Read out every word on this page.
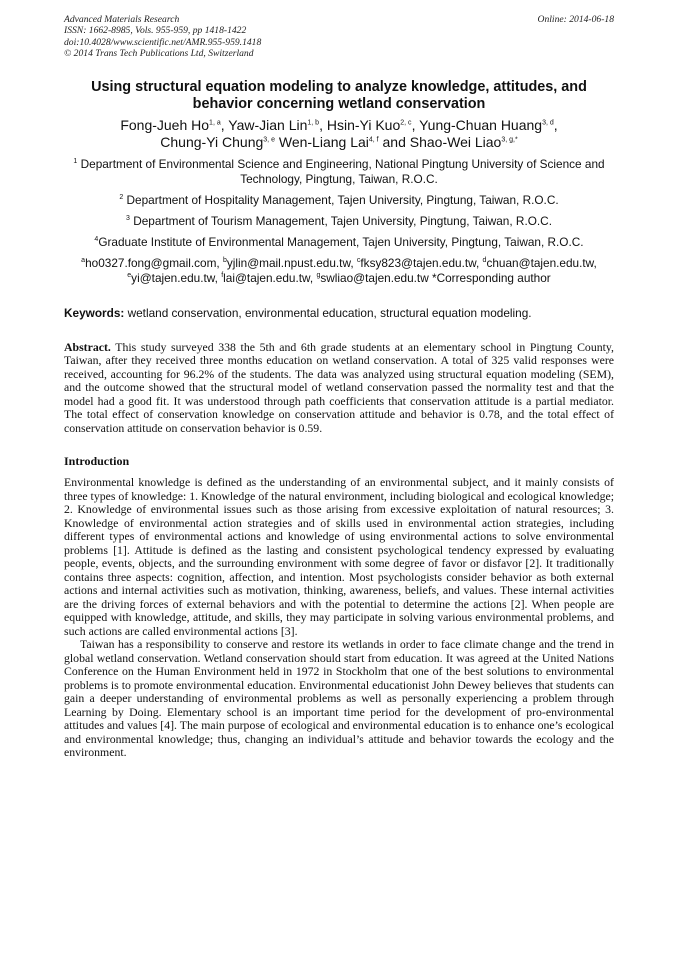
Advanced Materials Research
ISSN: 1662-8985, Vols. 955-959, pp 1418-1422
doi:10.4028/www.scientific.net/AMR.955-959.1418
© 2014 Trans Tech Publications Ltd, Switzerland
Online: 2014-06-18
Using structural equation modeling to analyze knowledge, attitudes, and behavior concerning wetland conservation
Fong-Jueh Ho$^{1, a}$, Yaw-Jian Lin$^{1, b}$, Hsin-Yi Kuo$^{2, c}$, Yung-Chuan Huang$^{3, d}$,
Chung-Yi Chung$^{3, e}$ Wen-Liang Lai$^{4, f}$ and Shao-Wei Liao$^{3, g,*}$
$^1$ Department of Environmental Science and Engineering, National Pingtung University of Science and Technology, Pingtung, Taiwan, R.O.C.
$^2$ Department of Hospitality Management, Tajen University, Pingtung, Taiwan, R.O.C.
$^3$ Department of Tourism Management, Tajen University, Pingtung, Taiwan, R.O.C.
$^4$Graduate Institute of Environmental Management, Tajen University, Pingtung, Taiwan, R.O.C.
$^a$ho0327.fong@gmail.com, $^b$yjlin@mail.npust.edu.tw, $^c$fksy823@tajen.edu.tw, $^d$chuan@tajen.edu.tw,
$^e$yi@tajen.edu.tw, $^f$lai@tajen.edu.tw, $^g$swliao@tajen.edu.tw *Corresponding author
Keywords: wetland conservation, environmental education, structural equation modeling.

Abstract. This study surveyed 338 the 5th and 6th grade students at an elementary school in Pingtung County, Taiwan, after they received three months education on wetland conservation. A total of 325 valid responses were received, accounting for 96.2% of the students. The data was analyzed using structural equation modeling (SEM), and the outcome showed that the structural model of wetland conservation passed the normality test and that the model had a good fit. It was understood through path coefficients that conservation attitude is a partial mediator. The total effect of conservation knowledge on conservation attitude and behavior is 0.78, and the total effect of conservation attitude on conservation behavior is 0.59.

Introduction

Environmental knowledge is defined as the understanding of an environmental subject, and it mainly consists of three types of knowledge: 1. Knowledge of the natural environment, including biological and ecological knowledge; 2. Knowledge of environmental issues such as those arising from excessive exploitation of natural resources; 3. Knowledge of environmental action strategies and of skills used in environmental action strategies, including different types of environmental actions and knowledge of using environmental actions to solve environmental problems [1]. Attitude is defined as the lasting and consistent psychological tendency expressed by evaluating people, events, objects, and the surrounding environment with some degree of favor or disfavor [2]. It traditionally contains three aspects: cognition, affection, and intention. Most psychologists consider behavior as both external actions and internal activities such as motivation, thinking, awareness, beliefs, and values. These internal activities are the driving forces of external behaviors and with the potential to determine the actions [2]. When people are equipped with knowledge, attitude, and skills, they may participate in solving various environmental problems, and such actions are called environmental actions [3].

Taiwan has a responsibility to conserve and restore its wetlands in order to face climate change and the trend in global wetland conservation. Wetland conservation should start from education. It was agreed at the United Nations Conference on the Human Environment held in 1972 in Stockholm that one of the best solutions to environmental problems is to promote environmental education. Environmental educationist John Dewey believes that students can gain a deeper understanding of environmental problems as well as personally experiencing a problem through Learning by Doing. Elementary school is an important time period for the development of pro-environmental attitudes and values [4]. The main purpose of ecological and environmental education is to enhance one’s ecological and environmental knowledge; thus, changing an individual’s attitude and behavior towards the ecology and the environment.
